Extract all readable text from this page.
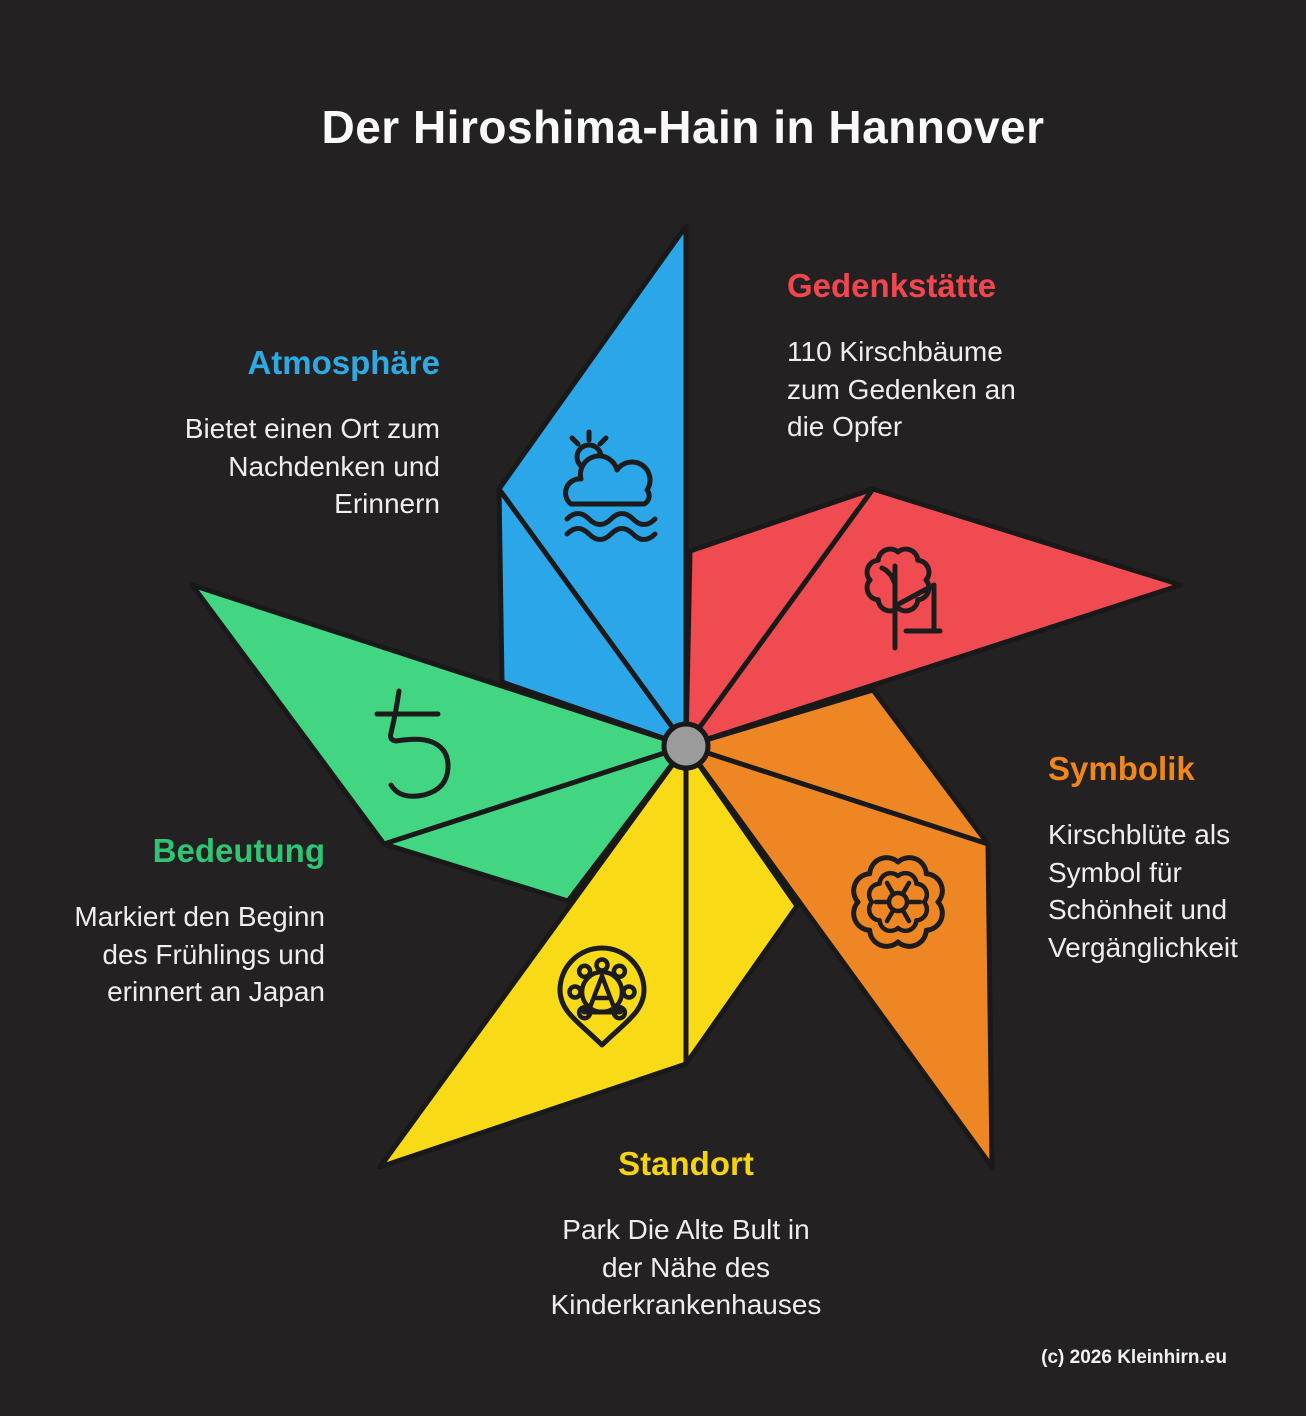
Der Hiroshima-Hain in Hannover
Atmosphäre
Bietet einen Ort zum
Nachdenken und
Erinnern
Gedenkstätte
110 Kirschbäume
zum Gedenken an
die Opfer
Symbolik
Kirschblüte als
Symbol für
Schönheit und
Vergänglichkeit
Standort
Park Die Alte Bult in
der Nähe des
Kinderkrankenhauses
Bedeutung
Markiert den Beginn
des Frühlings und
erinnert an Japan
(c) 2026 Kleinhirn.eu
